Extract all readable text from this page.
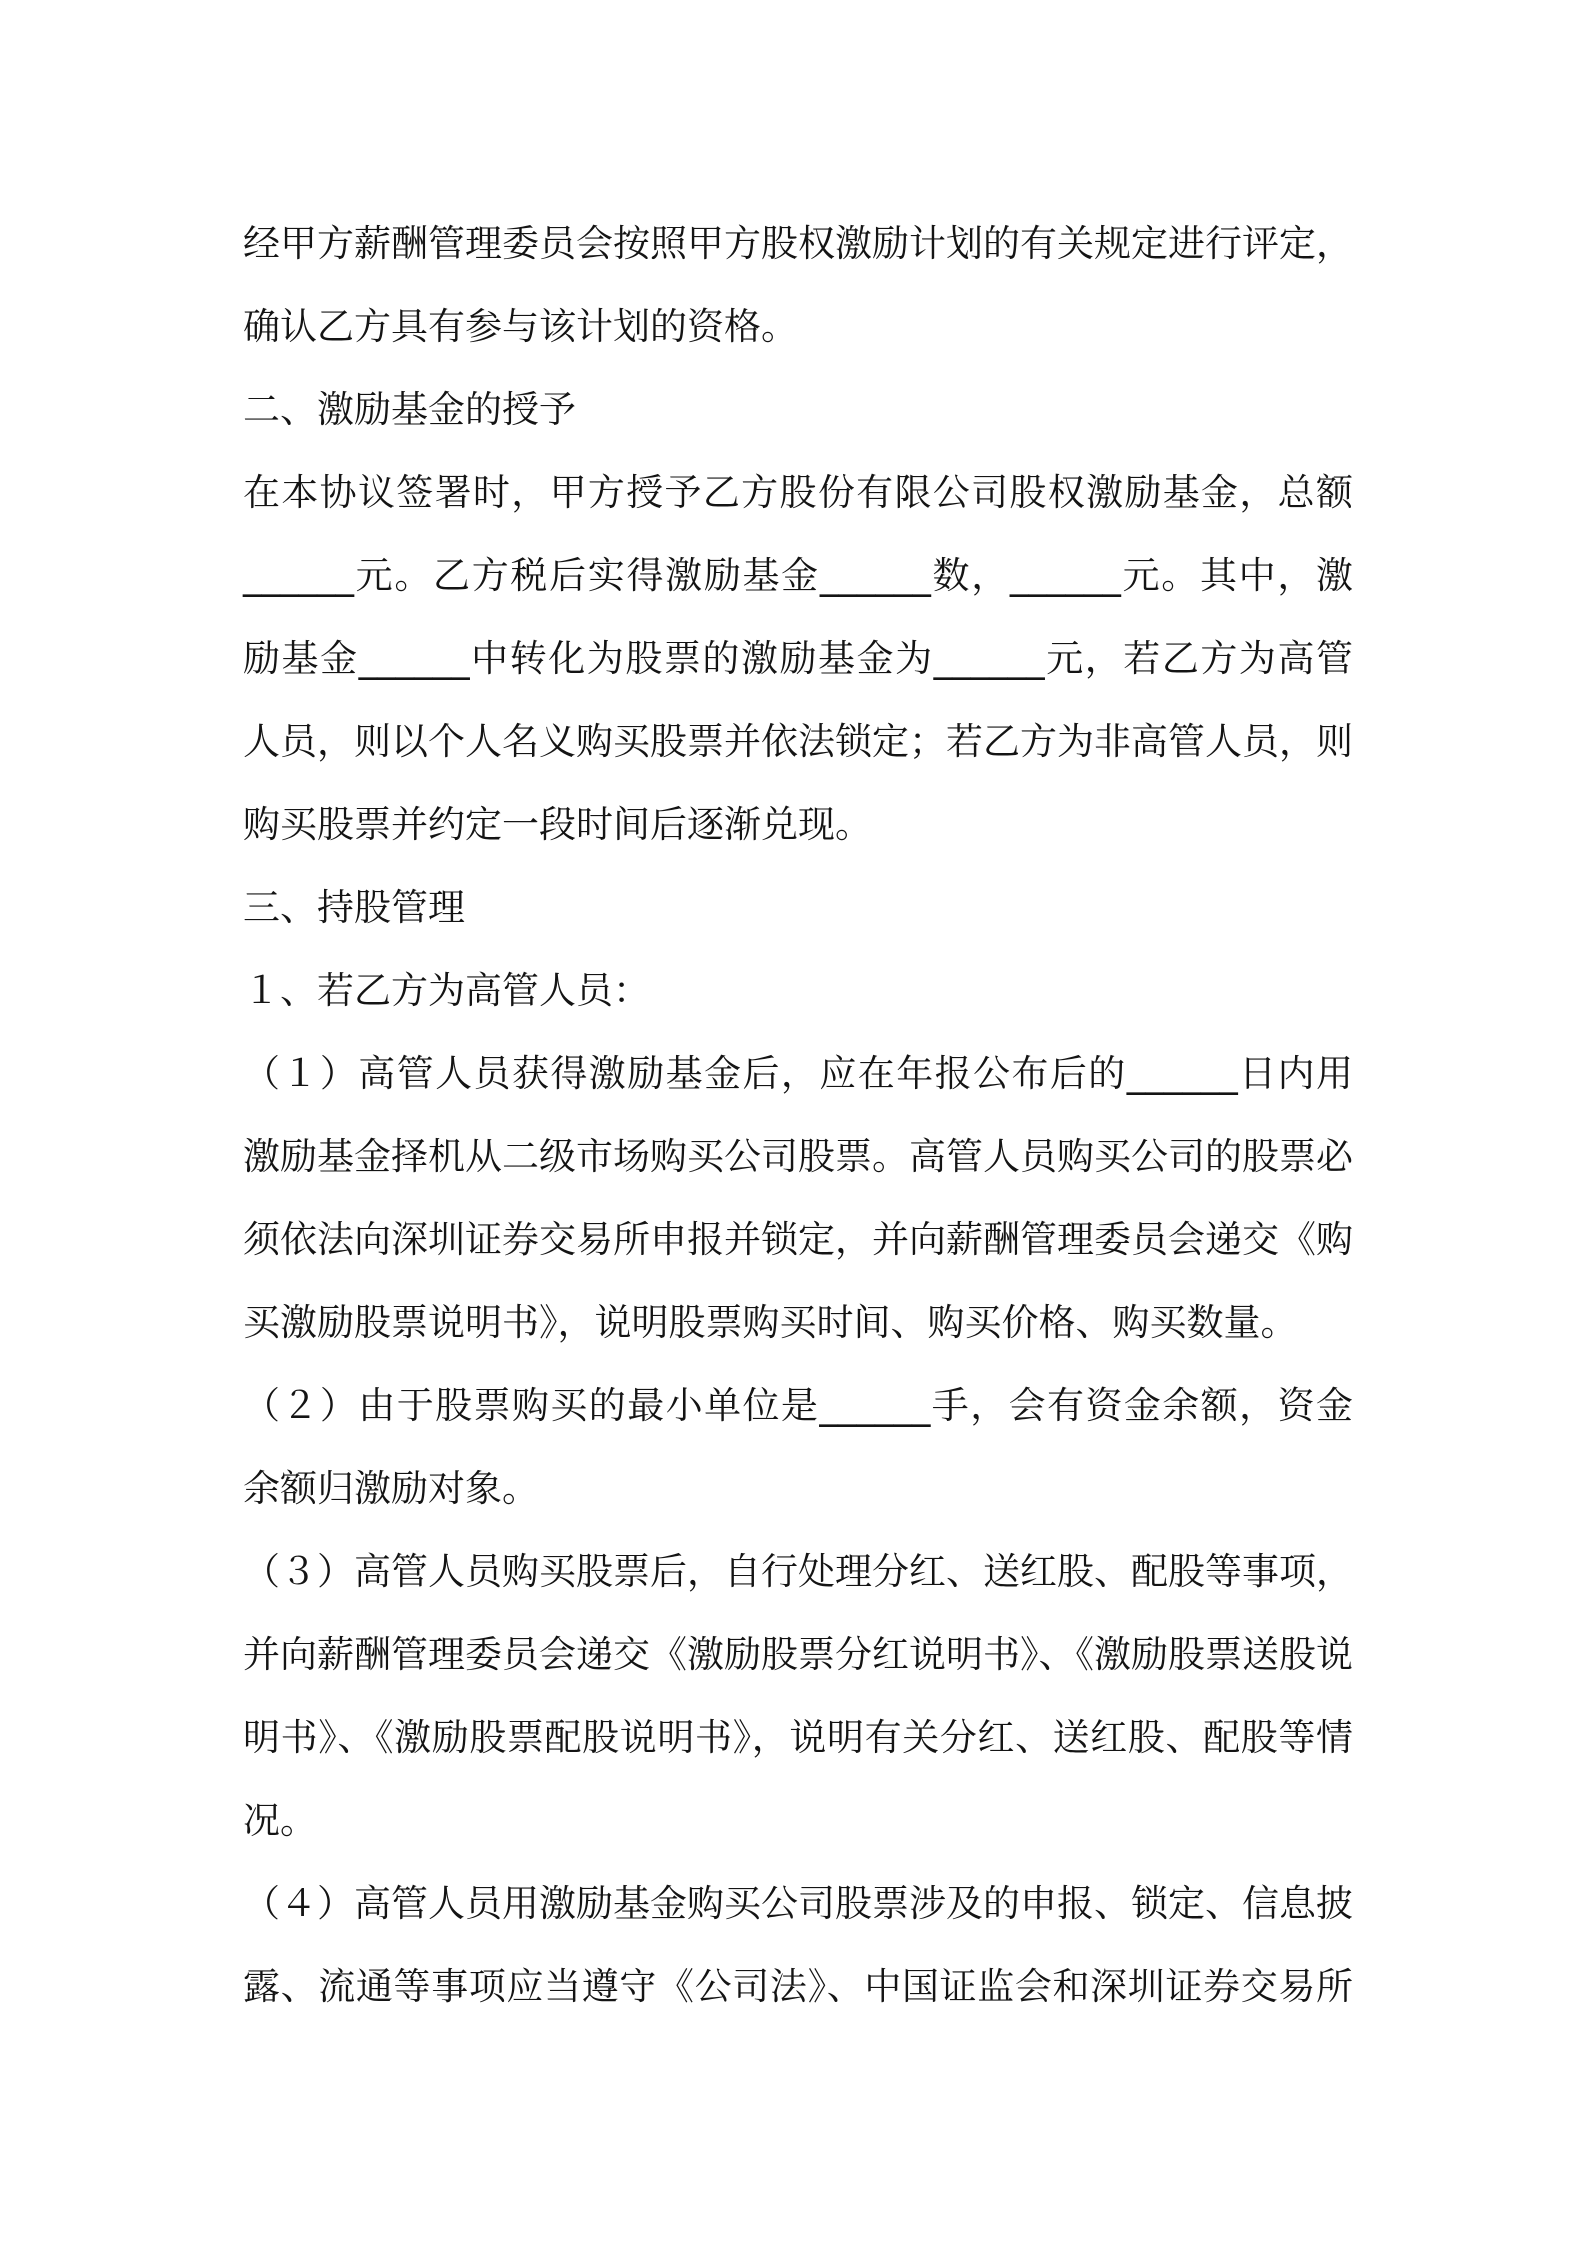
经甲方薪酬管理委员会按照甲方股权激励计划的有关规定进行评定，
确认乙方具有参与该计划的资格。
二、激励基金的授予
在本协议签署时，甲方授予乙方股份有限公司股权激励基金，总额
______元。乙方税后实得激励基金______数，______元。其中，激
励基金______中转化为股票的激励基金为______元，若乙方为高管
人员，则以个人名义购买股票并依法锁定；若乙方为非高管人员，则
购买股票并约定一段时间后逐渐兑现。
三、持股管理
１、若乙方为高管人员：
（１）高管人员获得激励基金后，应在年报公布后的______日内用
激励基金择机从二级市场购买公司股票。高管人员购买公司的股票必
须依法向深圳证券交易所申报并锁定，并向薪酬管理委员会递交《购
买激励股票说明书》，说明股票购买时间、购买价格、购买数量。
（２）由于股票购买的最小单位是______手，会有资金余额，资金
余额归激励对象。
（３）高管人员购买股票后，自行处理分红、送红股、配股等事项，
并向薪酬管理委员会递交《激励股票分红说明书》、《激励股票送股说
明书》、《激励股票配股说明书》，说明有关分红、送红股、配股等情
况。
（４）高管人员用激励基金购买公司股票涉及的申报、锁定、信息披
露、流通等事项应当遵守《公司法》、中国证监会和深圳证券交易所
